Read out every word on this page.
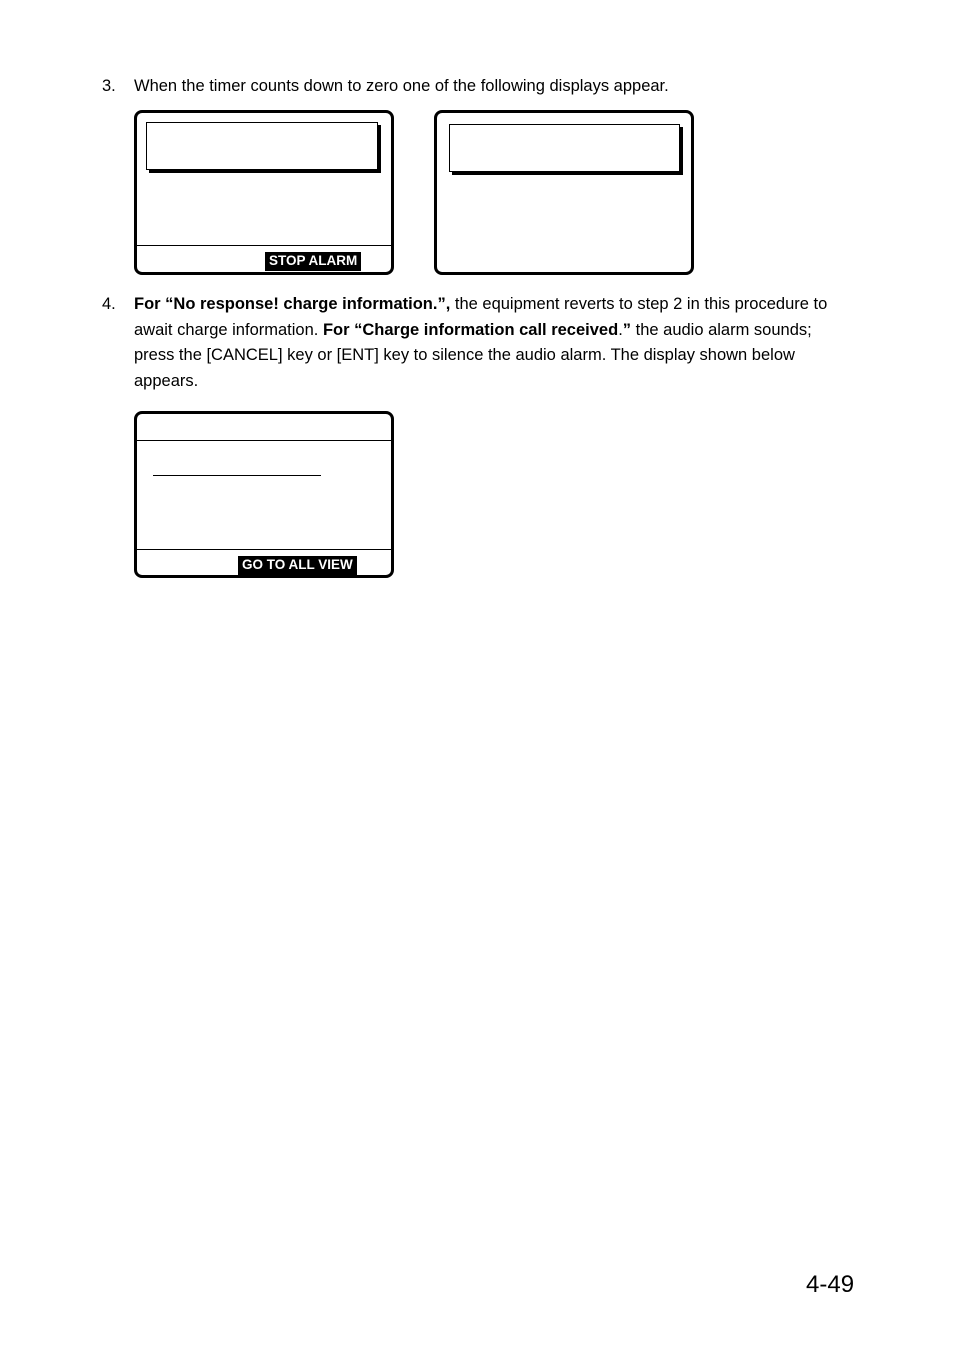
3. When the timer counts down to zero one of the following displays appear.
STOP ALARM
4. For “No response! charge information.”, the equipment reverts to step 2 in this procedure to await charge information. For “Charge information call received.” the audio alarm sounds; press the [CANCEL] key or [ENT] key to silence the audio alarm. The display shown below appears.
GO TO ALL VIEW
4-49
